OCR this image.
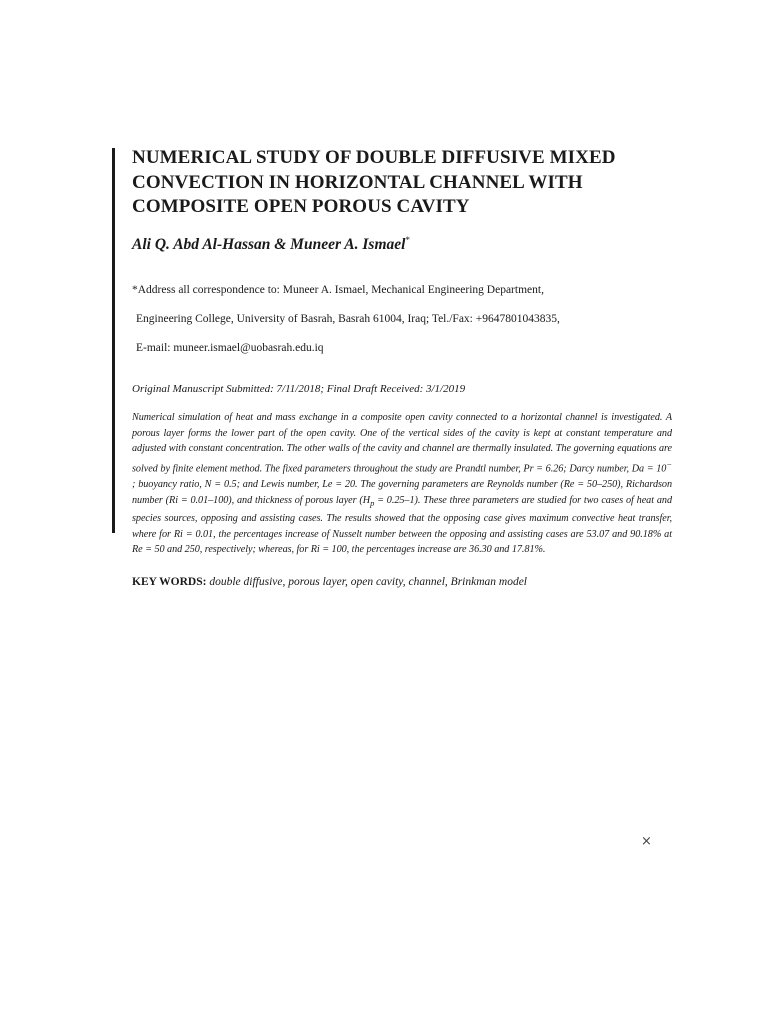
NUMERICAL STUDY OF DOUBLE DIFFUSIVE MIXED CONVECTION IN HORIZONTAL CHANNEL WITH COMPOSITE OPEN POROUS CAVITY
Ali Q. Abd Al-Hassan & Muneer A. Ismael*

*Address all correspondence to: Muneer A. Ismael, Mechanical Engineering Department,

Engineering College, University of Basrah, Basrah 61004, Iraq; Tel./Fax: +9647801043835,

E-mail: muneer.ismael@uobasrah.edu.iq

Original Manuscript Submitted: 7/11/2018; Final Draft Received: 3/1/2019
Numerical simulation of heat and mass exchange in a composite open cavity connected to a horizontal channel is investigated. A porous layer forms the lower part of the open cavity. One of the vertical sides of the cavity is kept at constant temperature and adjusted with constant concentration. The other walls of the cavity and channel are thermally insulated. The governing equations are solved by finite element method. The fixed parameters throughout the study are Prandtl number, Pr = 6.26; Darcy number, Da = 10− ; buoyancy ratio, N = 0.5; and Lewis number, Le = 20. The governing parameters are Reynolds number (Re = 50–250), Richardson number (Ri = 0.01–100), and thickness of porous layer $(H_p = 0.25-1)$. These three parameters are studied for two cases of heat and species sources, opposing and assisting cases. The results showed that the opposing case gives maximum convective heat transfer, where for Ri = 0.01, the percentages increase of Nusselt number between the opposing and assisting cases are 53.07 and 90.18% at Re = 50 and 250, respectively; whereas, for Ri = 100, the percentages increase are 36.30 and 17.81%.
KEY WORDS: double diffusive, porous layer, open cavity, channel, Brinkman model
×
